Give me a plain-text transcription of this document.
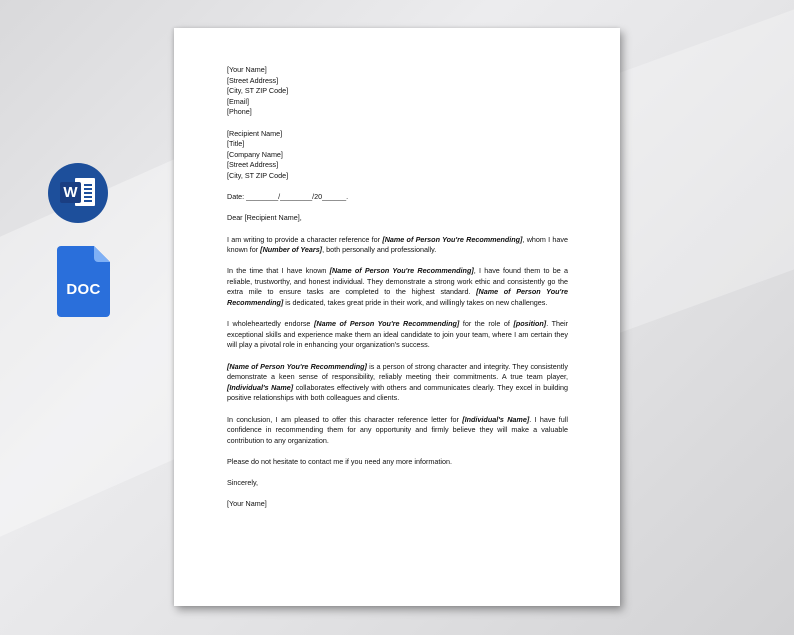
W
DOC
[Your Name]
[Street Address]
[City, ST ZIP Code]
[Email]
[Phone]
[Recipient Name]
[Title]
[Company Name]
[Street Address]
[City, ST ZIP Code]
Date: ________/________/20______.
Dear [Recipient Name],

I am writing to provide a character reference for [Name of Person You're Recommending], whom I have known for [Number of Years], both personally and professionally.

In the time that I have known [Name of Person You're Recommending], I have found them to be a reliable, trustworthy, and honest individual. They demonstrate a strong work ethic and consistently go the extra mile to ensure tasks are completed to the highest standard. [Name of Person You're Recommending] is dedicated, takes great pride in their work, and willingly takes on new challenges.

I wholeheartedly endorse [Name of Person You're Recommending] for the role of [position]. Their exceptional skills and experience make them an ideal candidate to join your team, where I am certain they will play a pivotal role in enhancing your organization's success.

[Name of Person You're Recommending] is a person of strong character and integrity. They consistently demonstrate a keen sense of responsibility, reliably meeting their commitments. A true team player, [Individual's Name] collaborates effectively with others and communicates clearly. They excel in building positive relationships with both colleagues and clients.

In conclusion, I am pleased to offer this character reference letter for [Individual's Name]. I have full confidence in recommending them for any opportunity and firmly believe they will make a valuable contribution to any organization.

Please do not hesitate to contact me if you need any more information.
Sincerely,
[Your Name]
